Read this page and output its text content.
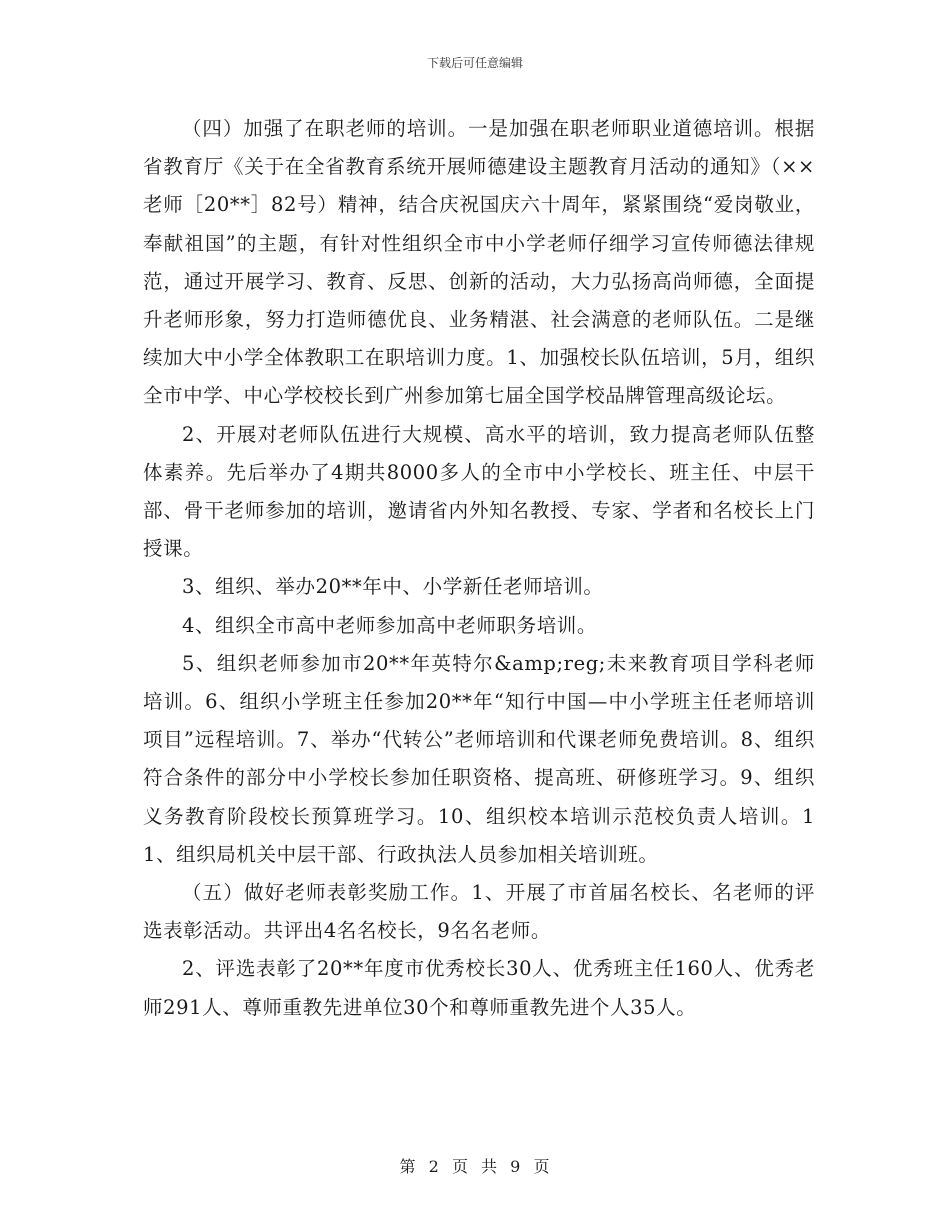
下载后可任意编辑

（四）加强了在职老师的培训。一是加强在职老师职业道德培训。根据省教育厅《关于在全省教育系统开展师德建设主题教育月活动的通知》（××老师［20**］82号）精神，结合庆祝国庆六十周年，紧紧围绕“爱岗敬业，奉献祖国”的主题，有针对性组织全市中小学老师仔细学习宣传师德法律规范，通过开展学习、教育、反思、创新的活动，大力弘扬高尚师德，全面提升老师形象，努力打造师德优良、业务精湛、社会满意的老师队伍。二是继续加大中小学全体教职工在职培训力度。1、加强校长队伍培训，5月，组织全市中学、中心学校校长到广州参加第七届全国学校品牌管理高级论坛。

2、开展对老师队伍进行大规模、高水平的培训，致力提高老师队伍整体素养。先后举办了4期共8000多人的全市中小学校长、班主任、中层干部、骨干老师参加的培训，邀请省内外知名教授、专家、学者和名校长上门授课。

3、组织、举办20**年中、小学新任老师培训。

4、组织全市高中老师参加高中老师职务培训。

5、组织老师参加市20**年英特尔&amp;reg;未来教育项目学科老师培训。6、组织小学班主任参加20**年“知行中国—中小学班主任老师培训项目”远程培训。7、举办“代转公”老师培训和代课老师免费培训。8、组织符合条件的部分中小学校长参加任职资格、提高班、研修班学习。9、组织义务教育阶段校长预算班学习。10、组织校本培训示范校负责人培训。11、组织局机关中层干部、行政执法人员参加相关培训班。

（五）做好老师表彰奖励工作。1、开展了市首届名校长、名老师的评选表彰活动。共评出4名名校长，9名名老师。

2、评选表彰了20**年度市优秀校长30人、优秀班主任160人、优秀老师291人、尊师重教先进单位30个和尊师重教先进个人35人。

第 2 页 共 9 页
